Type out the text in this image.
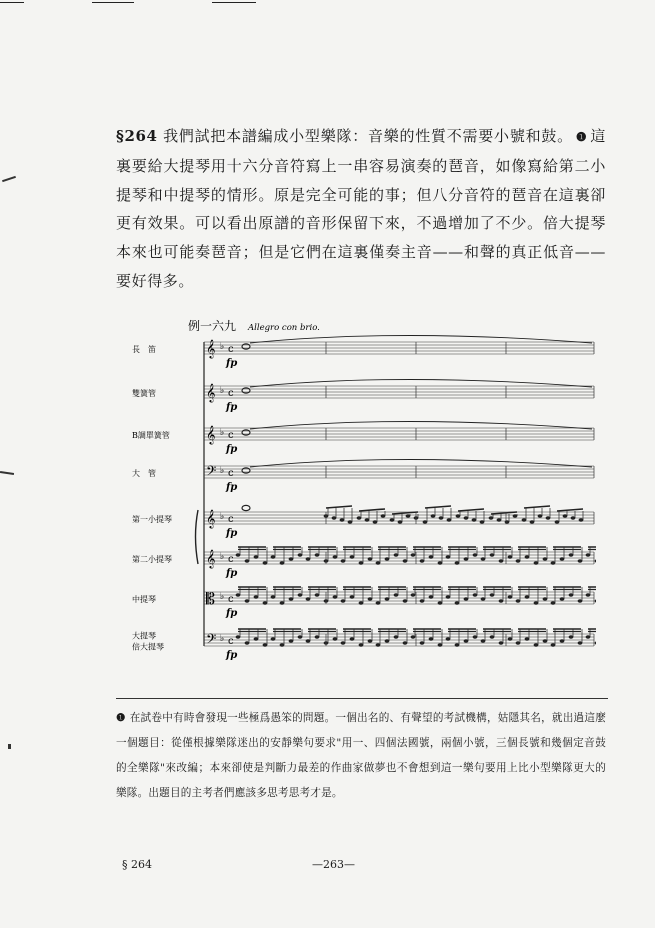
§264 我們試把本譜編成小型樂隊：音樂的性質不需要小號和鼓。 ❶ 這裏要給大提琴用十六分音符寫上一串容易演奏的琶音，如像寫給第二小提琴和中提琴的情形。原是完全可能的事；但八分音符的琶音在這裏卻更有效果。可以看出原譜的音形保留下來，不過增加了不少。倍大提琴本來也可能奏琶音；但是它們在這裏僅奏主音——和聲的真正低音——要好得多。

例一六九 Allegro con brio.
長　笛	𝄞 ♭ c
fp
雙簧管	𝄞 ♭ c
fp
B調單簧管 𝄞 ♭ c
fp
大　管	𝄢 ♭ c
fp
第一小提琴 𝄞 ♭ c
fp
第二小提琴 𝄞 ♭ c
fp
中提琴	𝄡 ♭ c
fp
大提琴
倍大提琴	𝄢 ♭ c
fp

❶ 在試卷中有時會發現一些極爲愚笨的問題。一個出名的、有聲望的考試機構，姑隱其名，就出過這麼一個題目：從僅根據樂隊迷出的安靜樂句要求"用一、四個法國號，兩個小號，三個長號和幾個定音鼓的全樂隊"來改編；本來卻使是判斷力最差的作曲家做夢也不會想到這一樂句要用上比小型樂隊更大的樂隊。出題目的主考者們應該多思考思考才是。

§ 264	—263—
